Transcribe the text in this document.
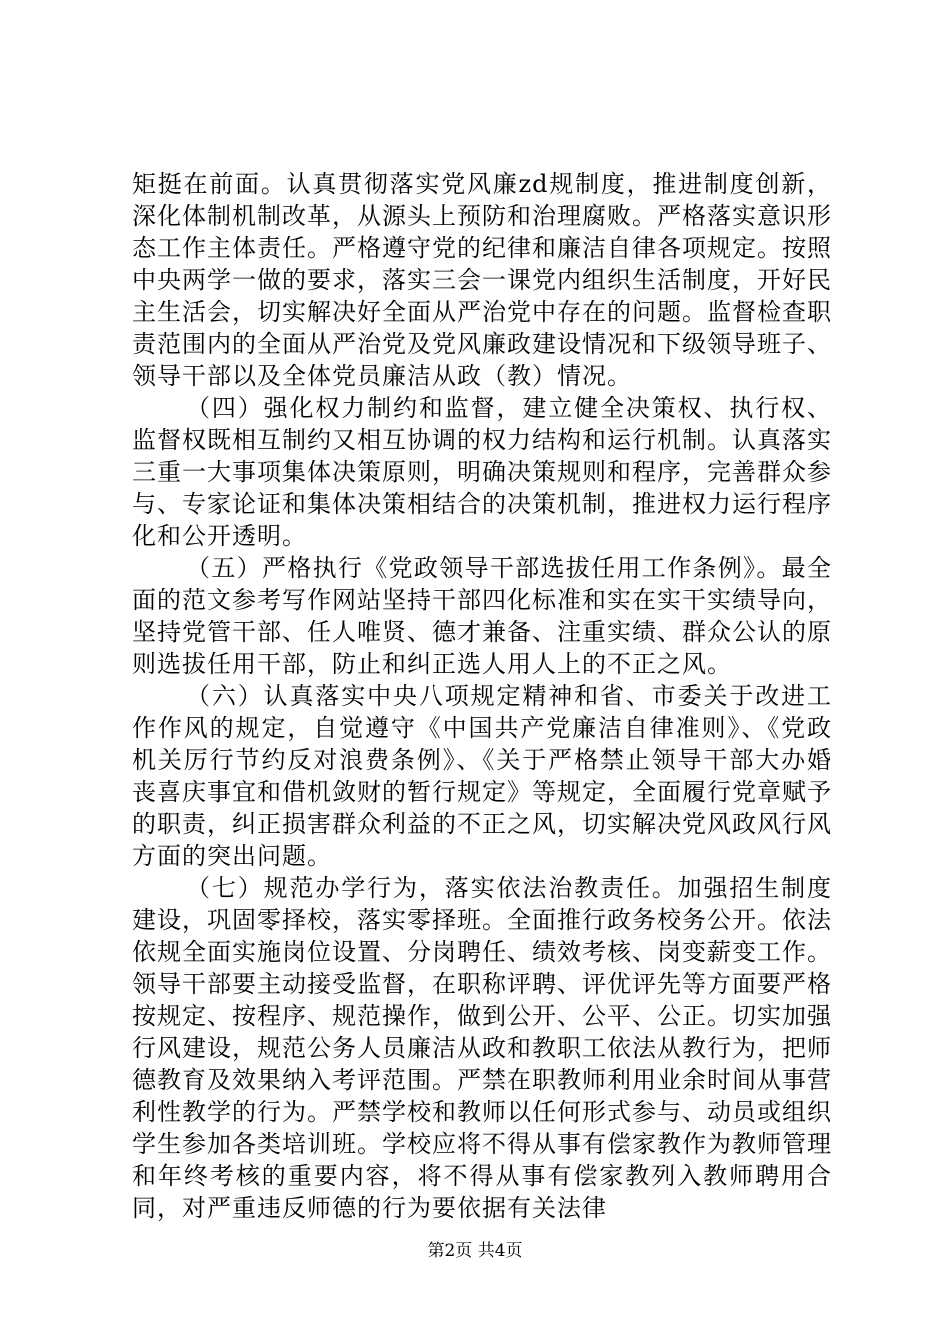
矩挺在前面。认真贯彻落实党风廉zd规制度，推进制度创新，深化体制机制改革，从源头上预防和治理腐败。严格落实意识形态工作主体责任。严格遵守党的纪律和廉洁自律各项规定。按照中央两学一做的要求，落实三会一课党内组织生活制度，开好民主生活会，切实解决好全面从严治党中存在的问题。监督检查职责范围内的全面从严治党及党风廉政建设情况和下级领导班子、领导干部以及全体党员廉洁从政（教）情况。

（四）强化权力制约和监督，建立健全决策权、执行权、监督权既相互制约又相互协调的权力结构和运行机制。认真落实三重一大事项集体决策原则，明确决策规则和程序，完善群众参与、专家论证和集体决策相结合的决策机制，推进权力运行程序化和公开透明。

（五）严格执行《党政领导干部选拔任用工作条例》。最全面的范文参考写作网站坚持干部四化标准和实在实干实绩导向，坚持党管干部、任人唯贤、德才兼备、注重实绩、群众公认的原则选拔任用干部，防止和纠正选人用人上的不正之风。

（六）认真落实中央八项规定精神和省、市委关于改进工作作风的规定，自觉遵守《中国共产党廉洁自律准则》、《党政机关厉行节约反对浪费条例》、《关于严格禁止领导干部大办婚丧喜庆事宜和借机敛财的暂行规定》等规定，全面履行党章赋予的职责，纠正损害群众利益的不正之风，切实解决党风政风行风方面的突出问题。

（七）规范办学行为，落实依法治教责任。加强招生制度建设，巩固零择校，落实零择班。全面推行政务校务公开。依法依规全面实施岗位设置、分岗聘任、绩效考核、岗变薪变工作。领导干部要主动接受监督，在职称评聘、评优评先等方面要严格按规定、按程序、规范操作，做到公开、公平、公正。切实加强行风建设，规范公务人员廉洁从政和教职工依法从教行为，把师德教育及效果纳入考评范围。严禁在职教师利用业余时间从事营利性教学的行为。严禁学校和教师以任何形式参与、动员或组织学生参加各类培训班。学校应将不得从事有偿家教作为教师管理和年终考核的重要内容，将不得从事有偿家教列入教师聘用合同，对严重违反师德的行为要依据有关法律

第2页 共4页
